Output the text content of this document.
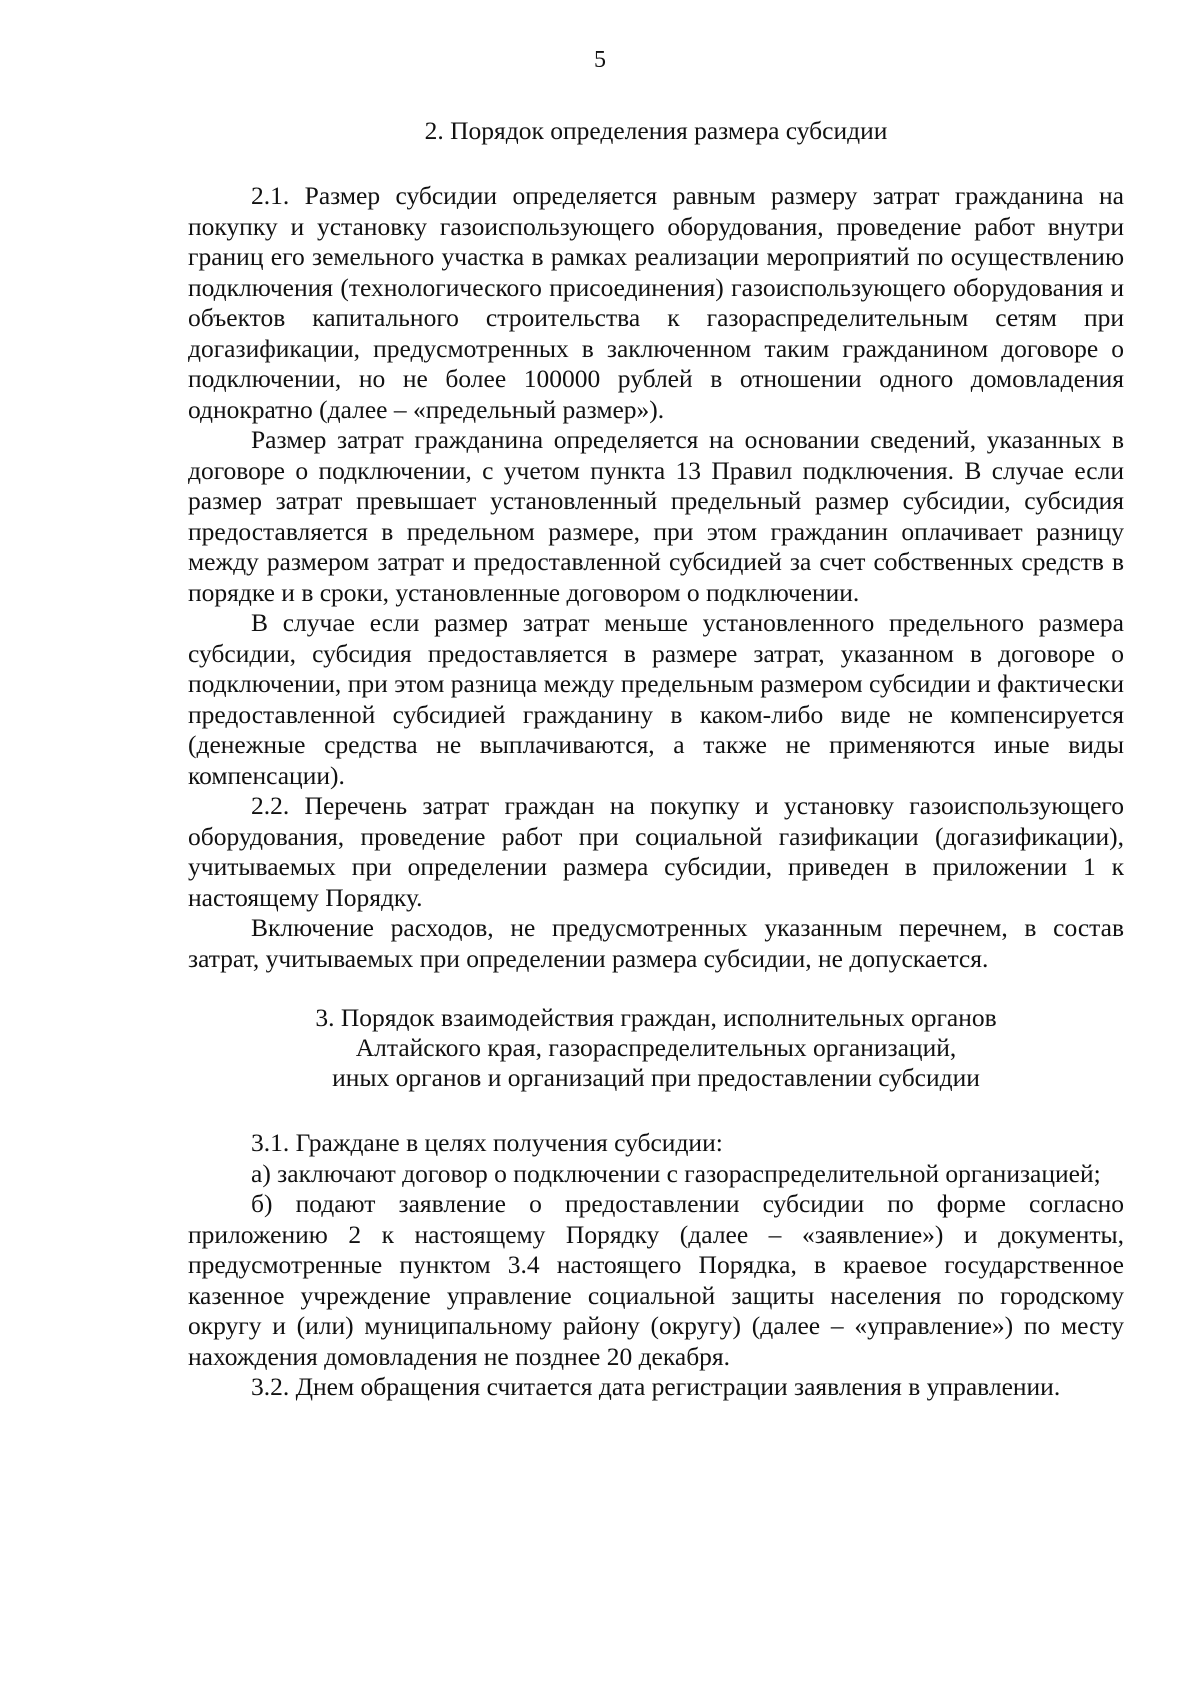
5
2. Порядок определения размера субсидии

2.1. Размер субсидии определяется равным размеру затрат гражданина на покупку и установку газоиспользующего оборудования, проведение работ внутри границ его земельного участка в рамках реализации мероприятий по осуществлению подключения (технологического присоединения) газоиспользующего оборудования и объектов капитального строительства к газораспределительным сетям при догазификации, предусмотренных в заключенном таким гражданином договоре о подключении, но не более 100000 рублей в отношении одного домовладения однократно (далее – «предельный размер»).

Размер затрат гражданина определяется на основании сведений, указанных в договоре о подключении, с учетом пункта 13 Правил подключения. В случае если размер затрат превышает установленный предельный размер субсидии, субсидия предоставляется в предельном размере, при этом гражданин оплачивает разницу между размером затрат и предоставленной субсидией за счет собственных средств в порядке и в сроки, установленные договором о подключении.

В случае если размер затрат меньше установленного предельного размера субсидии, субсидия предоставляется в размере затрат, указанном в договоре о подключении, при этом разница между предельным размером субсидии и фактически предоставленной субсидией гражданину в каком-либо виде не компенсируется (денежные средства не выплачиваются, а также не применяются иные виды компенсации).

2.2. Перечень затрат граждан на покупку и установку газоиспользующего оборудования, проведение работ при социальной газификации (догазификации), учитываемых при определении размера субсидии, приведен в приложении 1 к настоящему Порядку.

Включение расходов, не предусмотренных указанным перечнем, в состав затрат, учитываемых при определении размера субсидии, не допускается.

3. Порядок взаимодействия граждан, исполнительных органов
Алтайского края, газораспределительных организаций,
иных органов и организаций при предоставлении субсидии

3.1. Граждане в целях получения субсидии:

а) заключают договор о подключении с газораспределительной организацией;

б) подают заявление о предоставлении субсидии по форме согласно приложению 2 к настоящему Порядку (далее – «заявление») и документы, предусмотренные пунктом 3.4 настоящего Порядка, в краевое государственное казенное учреждение управление социальной защиты населения по городскому округу и (или) муниципальному району (округу) (далее – «управление») по месту нахождения домовладения не позднее 20 декабря.

3.2. Днем обращения считается дата регистрации заявления в управлении.
